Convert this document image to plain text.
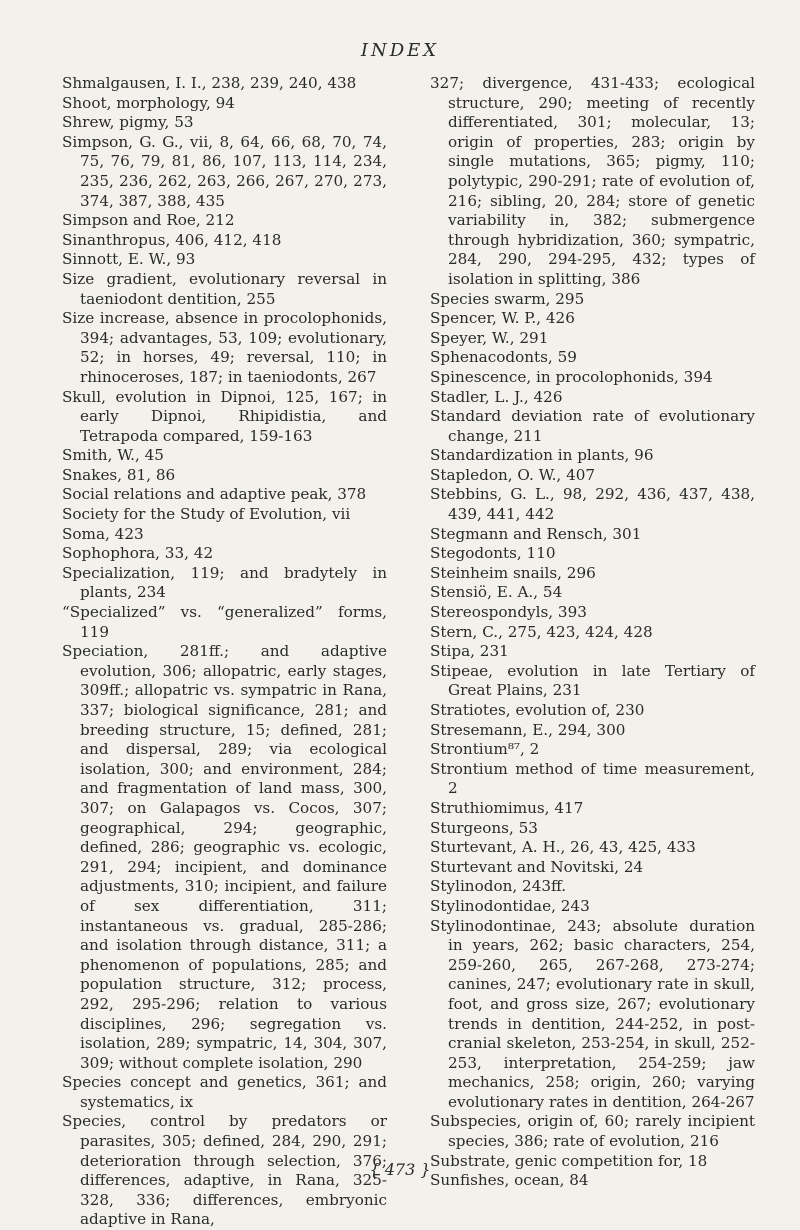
INDEX

Shmalgausen, I. I., 238, 239, 240, 438

Shoot, morphology, 94

Shrew, pigmy, 53

Simpson, G. G., vii, 8, 64, 66, 68, 70, 74, 75, 76, 79, 81, 86, 107, 113, 114, 234, 235, 236, 262, 263, 266, 267, 270, 273, 374, 387, 388, 435

Simpson and Roe, 212

Sinanthropus, 406, 412, 418

Sinnott, E. W., 93

Size gradient, evolutionary reversal in taeniodont dentition, 255

Size increase, absence in procolophonids, 394; advantages, 53, 109; evolutionary, 52; in horses, 49; reversal, 110; in rhinoceroses, 187; in taeniodonts, 267

Skull, evolution in Dipnoi, 125, 167; in early Dipnoi, Rhipidistia, and Tetrapoda compared, 159-163

Smith, W., 45

Snakes, 81, 86

Social relations and adaptive peak, 378

Society for the Study of Evolution, vii

Soma, 423

Sophophora, 33, 42

Specialization, 119; and bradytely in plants, 234

“Specialized” vs. “generalized” forms, 119

Speciation, 281ff.; and adaptive evolution, 306; allopatric, early stages, 309ff.; allopatric vs. sympatric in Rana, 337; biological significance, 281; and breeding structure, 15; defined, 281; and dispersal, 289; via ecological isolation, 300; and environment, 284; and fragmentation of land mass, 300, 307; on Galapagos vs. Cocos, 307; geographical, 294; geographic, defined, 286; geographic vs. ecologic, 291, 294; incipient, and dominance adjustments, 310; incipient, and failure of sex differentiation, 311; instantaneous vs. gradual, 285-286; and isolation through distance, 311; a phenomenon of populations, 285; and population structure, 312; process, 292, 295-296; relation to various disciplines, 296; segregation vs. isolation, 289; sympatric, 14, 304, 307, 309; without complete isolation, 290

Species concept and genetics, 361; and systematics, ix

Species, control by predators or parasites, 305; defined, 284, 290, 291; deterioration through selection, 376; differences, adaptive, in Rana, 325-328, 336; differences, embryonic adaptive in Rana,

327; divergence, 431-433; ecological structure, 290; meeting of recently differentiated, 301; molecular, 13; origin of properties, 283; origin by single mutations, 365; pigmy, 110; polytypic, 290-291; rate of evolution of, 216; sibling, 20, 284; store of genetic variability in, 382; submergence through hybridization, 360; sympatric, 284, 290, 294-295, 432; types of isolation in splitting, 386

Species swarm, 295

Spencer, W. P., 426

Speyer, W., 291

Sphenacodonts, 59

Spinescence, in procolophonids, 394

Stadler, L. J., 426

Standard deviation rate of evolutionary change, 211

Standardization in plants, 96

Stapledon, O. W., 407

Stebbins, G. L., 98, 292, 436, 437, 438, 439, 441, 442

Stegmann and Rensch, 301

Stegodonts, 110

Steinheim snails, 296

Stensiö, E. A., 54

Stereospondyls, 393

Stern, C., 275, 423, 424, 428

Stipa, 231

Stipeae, evolution in late Tertiary of Great Plains, 231

Stratiotes, evolution of, 230

Stresemann, E., 294, 300

Strontium⁸⁷, 2

Strontium method of time measurement, 2

Struthiomimus, 417

Sturgeons, 53

Sturtevant, A. H., 26, 43, 425, 433

Sturtevant and Novitski, 24

Stylinodon, 243ff.

Stylinodontidae, 243

Stylinodontinae, 243; absolute duration in years, 262; basic characters, 254, 259-260, 265, 267-268, 273-274; canines, 247; evolutionary rate in skull, foot, and gross size, 267; evolutionary trends in dentition, 244-252, in post-cranial skeleton, 253-254, in skull, 252-253, interpretation, 254-259; jaw mechanics, 258; origin, 260; varying evolutionary rates in dentition, 264-267

Subspecies, origin of, 60; rarely incipient species, 386; rate of evolution, 216

Substrate, genic competition for, 18

Sunfishes, ocean, 84

{ 473 }
